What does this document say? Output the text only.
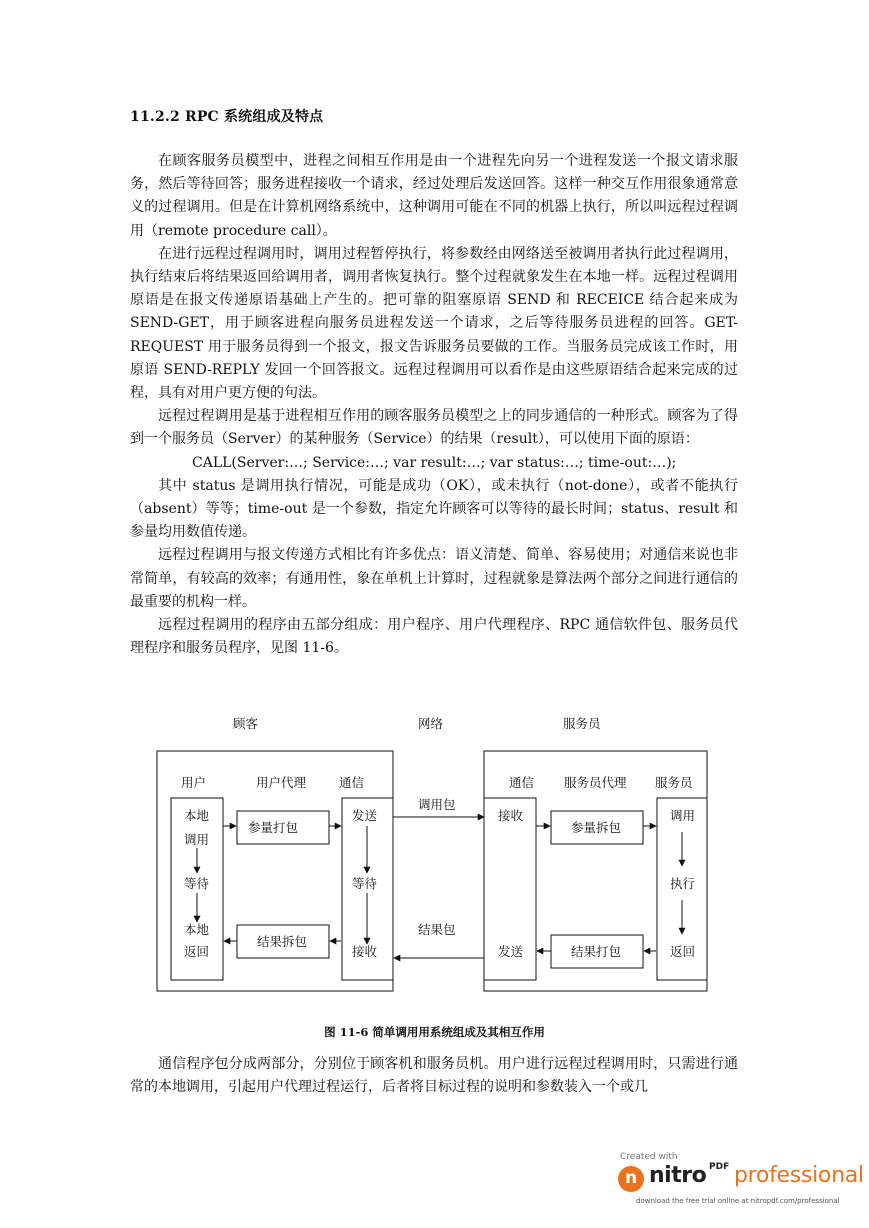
11.2.2 RPC 系统组成及特点

在顾客服务员模型中，进程之间相互作用是由一个进程先向另一个进程发送一个报文请求服务，然后等待回答；服务进程接收一个请求，经过处理后发送回答。这样一种交互作用很象通常意义的过程调用。但是在计算机网络系统中，这种调用可能在不同的机器上执行，所以叫远程过程调用（remote procedure call）。

在进行远程过程调用时，调用过程暂停执行，将参数经由网络送至被调用者执行此过程调用，执行结束后将结果返回给调用者，调用者恢复执行。整个过程就象发生在本地一样。远程过程调用原语是在报文传递原语基础上产生的。把可靠的阻塞原语 SEND 和 RECEICE 结合起来成为 SEND-GET，用于顾客进程向服务员进程发送一个请求，之后等待服务员进程的回答。GET-REQUEST 用于服务员得到一个报文，报文告诉服务员要做的工作。当服务员完成该工作时，用原语 SEND-REPLY 发回一个回答报文。远程过程调用可以看作是由这些原语结合起来完成的过程，具有对用户更方便的句法。

远程过程调用是基于进程相互作用的顾客服务员模型之上的同步通信的一种形式。顾客为了得到一个服务员（Server）的某种服务（Service）的结果（result），可以使用下面的原语：

CALL(Server:…; Service:…; var result:…; var status:…; time-out:…);

其中 status 是调用执行情况，可能是成功（OK），或未执行（not-done），或者不能执行（absent）等等；time-out 是一个参数，指定允许顾客可以等待的最长时间；status、result 和参量均用数值传递。

远程过程调用与报文传递方式相比有许多优点：语义清楚、简单、容易使用；对通信来说也非常简单，有较高的效率；有通用性，象在单机上计算时，过程就象是算法两个部分之间进行通信的最重要的机构一样。

远程过程调用的程序由五部分组成：用户程序、用户代理程序、RPC 通信软件包、服务员代理程序和服务员程序，见图 11-6。

顾客	网络	服务员
用户	用户代理	通信
本地
调用
等待
本地
返回
参量打包
结果拆包
发送
等待
接收
调用包
结果包
通信 服务员代理 服务员
接收
发送
参量拆包
结果打包
调用
执行
返回
图 11-6 简单调用用系统组成及其相互作用

通信程序包分成两部分，分别位于顾客机和服务员机。用户进行远程过程调用时，只需进行通常的本地调用，引起用户代理过程运行，后者将目标过程的说明和参数装入一个或几

Created with
n nitro PDF professional
download the free trial online at nitropdf.com/professional
